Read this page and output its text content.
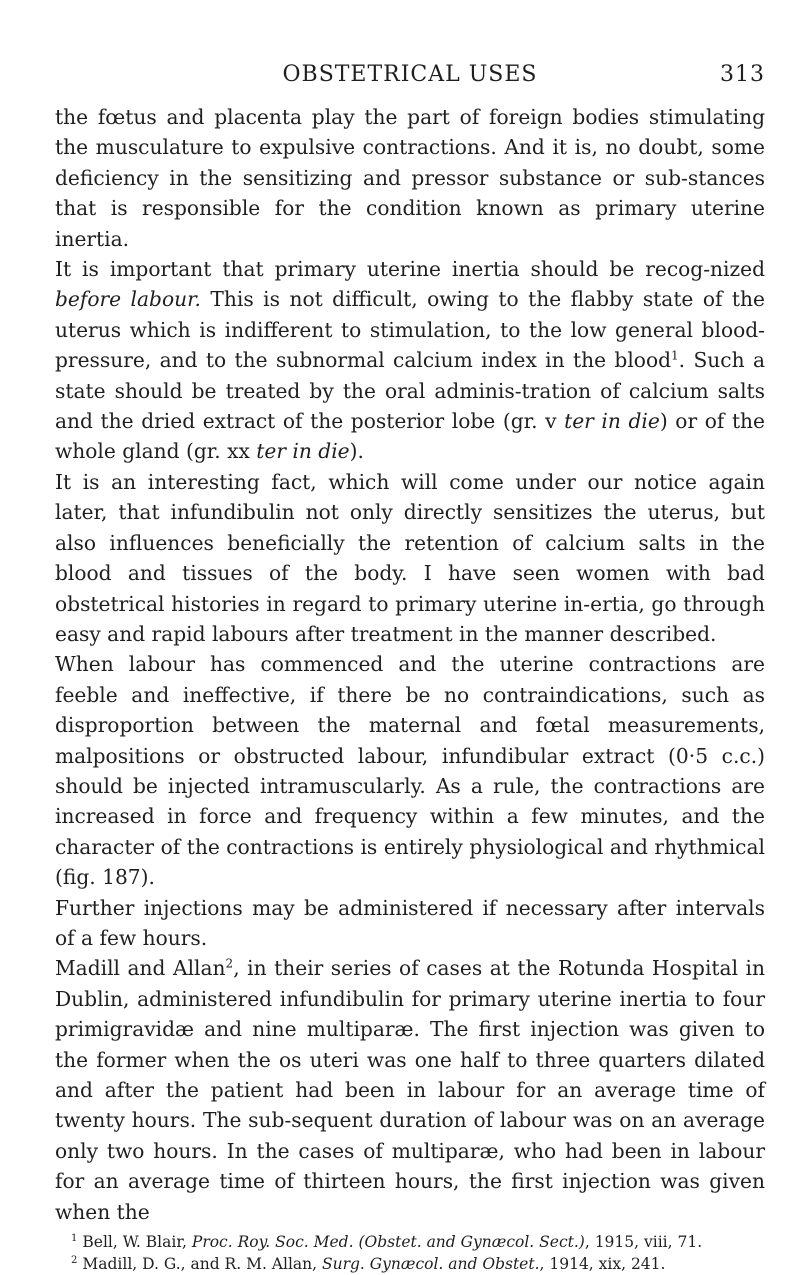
OBSTETRICAL USES	313

the fœtus and placenta play the part of foreign bodies stimulating the musculature to expulsive contractions. And it is, no doubt, some deficiency in the sensitizing and pressor substance or sub-stances that is responsible for the condition known as primary uterine inertia.

It is important that primary uterine inertia should be recog-nized before labour. This is not difficult, owing to the flabby state of the uterus which is indifferent to stimulation, to the low general blood-pressure, and to the subnormal calcium index in the blood$^1$. Such a state should be treated by the oral adminis-tration of calcium salts and the dried extract of the posterior lobe (gr. v ter in die) or of the whole gland (gr. xx ter in die).

It is an interesting fact, which will come under our notice again later, that infundibulin not only directly sensitizes the uterus, but also influences beneficially the retention of calcium salts in the blood and tissues of the body. I have seen women with bad obstetrical histories in regard to primary uterine in-ertia, go through easy and rapid labours after treatment in the manner described.

When labour has commenced and the uterine contractions are feeble and ineffective, if there be no contraindications, such as disproportion between the maternal and fœtal measurements, malpositions or obstructed labour, infundibular extract (0·5 c.c.) should be injected intramuscularly. As a rule, the contractions are increased in force and frequency within a few minutes, and the character of the contractions is entirely physiological and rhythmical (fig. 187).

Further injections may be administered if necessary after intervals of a few hours.

Madill and Allan$^2$, in their series of cases at the Rotunda Hospital in Dublin, administered infundibulin for primary uterine inertia to four primigravidæ and nine multiparæ. The first injection was given to the former when the os uteri was one half to three quarters dilated and after the patient had been in labour for an average time of twenty hours. The sub-sequent duration of labour was on an average only two hours. In the cases of multiparæ, who had been in labour for an average time of thirteen hours, the first injection was given when the

$^1$ Bell, W. Blair, Proc. Roy. Soc. Med. (Obstet. and Gynæcol. Sect.), 1915, viii, 71.
$^2$ Madill, D. G., and R. M. Allan, Surg. Gynæcol. and Obstet., 1914, xix, 241.
